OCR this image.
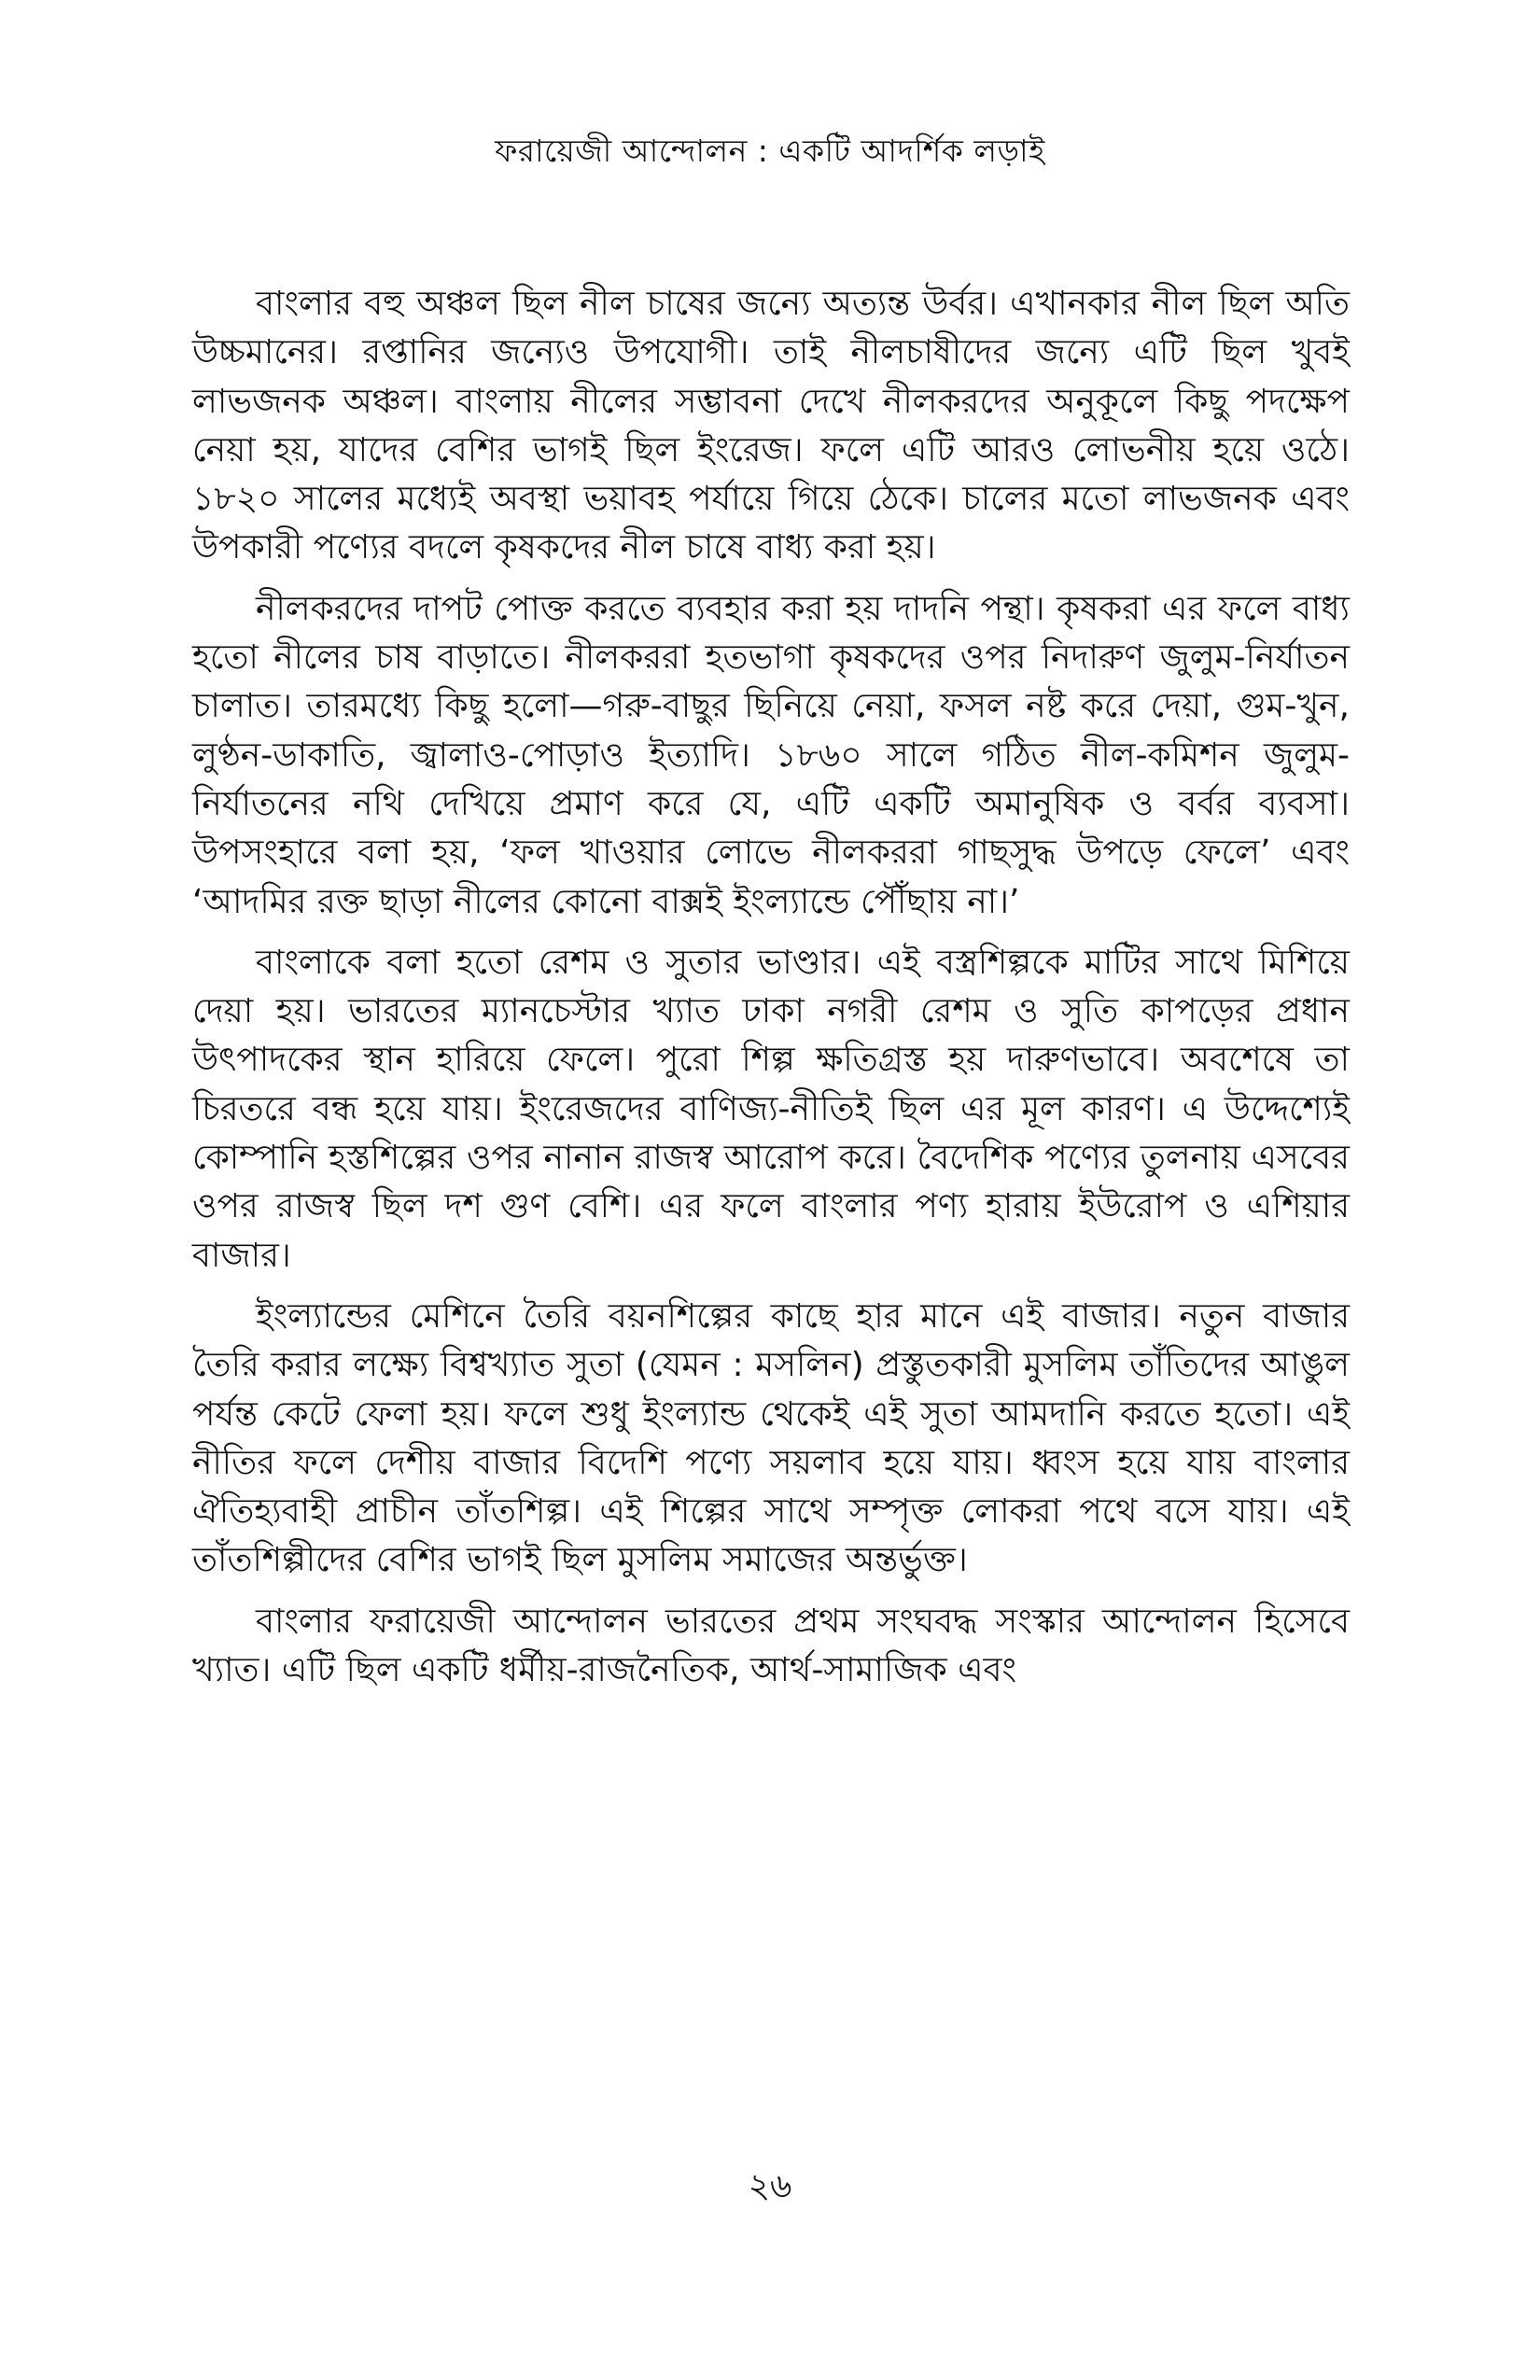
ফরায়েজী আন্দোলন : একটি আদর্শিক লড়াই

বাংলার বহু অঞ্চল ছিল নীল চাষের জন্যে অত্যন্ত উর্বর। এখানকার নীল ছিল অতি উচ্চমানের। রপ্তানির জন্যেও উপযোগী। তাই নীলচাষীদের জন্যে এটি ছিল খুবই লাভজনক অঞ্চল। বাংলায় নীলের সম্ভাবনা দেখে নীলকরদের অনুকূলে কিছু পদক্ষেপ নেয়া হয়, যাদের বেশির ভাগই ছিল ইংরেজ। ফলে এটি আরও লোভনীয় হয়ে ওঠে। ১৮২০ সালের মধ্যেই অবস্থা ভয়াবহ পর্যায়ে গিয়ে ঠেকে। চালের মতো লাভজনক এবং উপকারী পণ্যের বদলে কৃষকদের নীল চাষে বাধ্য করা হয়।

নীলকরদের দাপট পোক্ত করতে ব্যবহার করা হয় দাদনি পন্থা। কৃষকরা এর ফলে বাধ্য হতো নীলের চাষ বাড়াতে। নীলকররা হতভাগা কৃষকদের ওপর নিদারুণ জুলুম-নির্যাতন চালাত। তারমধ্যে কিছু হলো—গরু-বাছুর ছিনিয়ে নেয়া, ফসল নষ্ট করে দেয়া, গুম-খুন, লুণ্ঠন-ডাকাতি, জ্বালাও-পোড়াও ইত্যাদি। ১৮৬০ সালে গঠিত নীল-কমিশন জুলুম-নির্যাতনের নথি দেখিয়ে প্রমাণ করে যে, এটি একটি অমানুষিক ও বর্বর ব্যবসা। উপসংহারে বলা হয়, ‘ফল খাওয়ার লোভে নীলকররা গাছসুদ্ধ উপড়ে ফেলে’ এবং ‘আদমির রক্ত ছাড়া নীলের কোনো বাক্সই ইংল্যান্ডে পৌঁছায় না।’

বাংলাকে বলা হতো রেশম ও সুতার ভাণ্ডার। এই বস্ত্রশিল্পকে মাটির সাথে মিশিয়ে দেয়া হয়। ভারতের ম্যানচেস্টার খ্যাত ঢাকা নগরী রেশম ও সুতি কাপড়ের প্রধান উৎপাদকের স্থান হারিয়ে ফেলে। পুরো শিল্প ক্ষতিগ্রস্ত হয় দারুণভাবে। অবশেষে তা চিরতরে বন্ধ হয়ে যায়। ইংরেজদের বাণিজ্য-নীতিই ছিল এর মূল কারণ। এ উদ্দেশ্যেই কোম্পানি হস্তশিল্পের ওপর নানান রাজস্ব আরোপ করে। বৈদেশিক পণ্যের তুলনায় এসবের ওপর রাজস্ব ছিল দশ গুণ বেশি। এর ফলে বাংলার পণ্য হারায় ইউরোপ ও এশিয়ার বাজার।

ইংল্যান্ডের মেশিনে তৈরি বয়নশিল্পের কাছে হার মানে এই বাজার। নতুন বাজার তৈরি করার লক্ষ্যে বিশ্বখ্যাত সুতা (যেমন : মসলিন) প্রস্তুতকারী মুসলিম তাঁতিদের আঙুল পর্যন্ত কেটে ফেলা হয়। ফলে শুধু ইংল্যান্ড থেকেই এই সুতা আমদানি করতে হতো। এই নীতির ফলে দেশীয় বাজার বিদেশি পণ্যে সয়লাব হয়ে যায়। ধ্বংস হয়ে যায় বাংলার ঐতিহ্যবাহী প্রাচীন তাঁতশিল্প। এই শিল্পের সাথে সম্পৃক্ত লোকরা পথে বসে যায়। এই তাঁতশিল্পীদের বেশির ভাগই ছিল মুসলিম সমাজের অন্তর্ভুক্ত।

বাংলার ফরায়েজী আন্দোলন ভারতের প্রথম সংঘবদ্ধ সংস্কার আন্দোলন হিসেবে খ্যাত। এটি ছিল একটি ধর্মীয়-রাজনৈতিক, আর্থ-সামাজিক এবং

২৬
